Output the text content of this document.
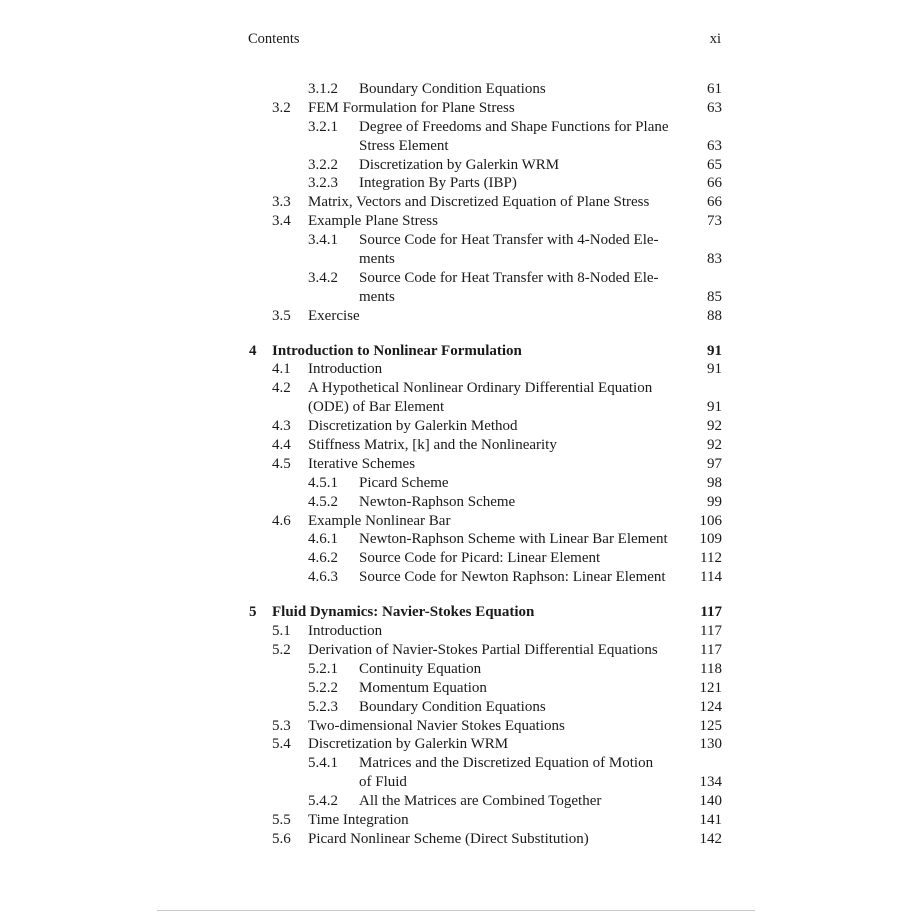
Contents	xi
3.1.2 Boundary Condition Equations	61
3.2 FEM Formulation for Plane Stress	63
3.2.1 Degree of Freedoms and Shape Functions for Plane
Stress Element	63
3.2.2 Discretization by Galerkin WRM	65
3.2.3 Integration By Parts (IBP)	66
3.3 Matrix, Vectors and Discretized Equation of Plane Stress	66
3.4 Example Plane Stress	73
3.4.1 Source Code for Heat Transfer with 4-Noded Ele-
ments	83
3.4.2 Source Code for Heat Transfer with 8-Noded Ele-
ments	85
3.5 Exercise	88
4 Introduction to Nonlinear Formulation	91
4.1 Introduction	91
4.2 A Hypothetical Nonlinear Ordinary Differential Equation
(ODE) of Bar Element	91
4.3 Discretization by Galerkin Method	92
4.4 Stiffness Matrix, [k] and the Nonlinearity	92
4.5 Iterative Schemes	97
4.5.1 Picard Scheme	98
4.5.2 Newton-Raphson Scheme	99
4.6 Example Nonlinear Bar	106
4.6.1 Newton-Raphson Scheme with Linear Bar Element 109
4.6.2 Source Code for Picard: Linear Element	112
4.6.3 Source Code for Newton Raphson: Linear Element 114
5 Fluid Dynamics: Navier-Stokes Equation	117
5.1 Introduction	117
5.2 Derivation of Navier-Stokes Partial Differential Equations	117
5.2.1 Continuity Equation	118
5.2.2 Momentum Equation	121
5.2.3 Boundary Condition Equations	124
5.3 Two-dimensional Navier Stokes Equations	125
5.4 Discretization by Galerkin WRM	130
5.4.1 Matrices and the Discretized Equation of Motion
of Fluid	134
5.4.2 All the Matrices are Combined Together	140
5.5 Time Integration	141
5.6 Picard Nonlinear Scheme (Direct Substitution)	142
